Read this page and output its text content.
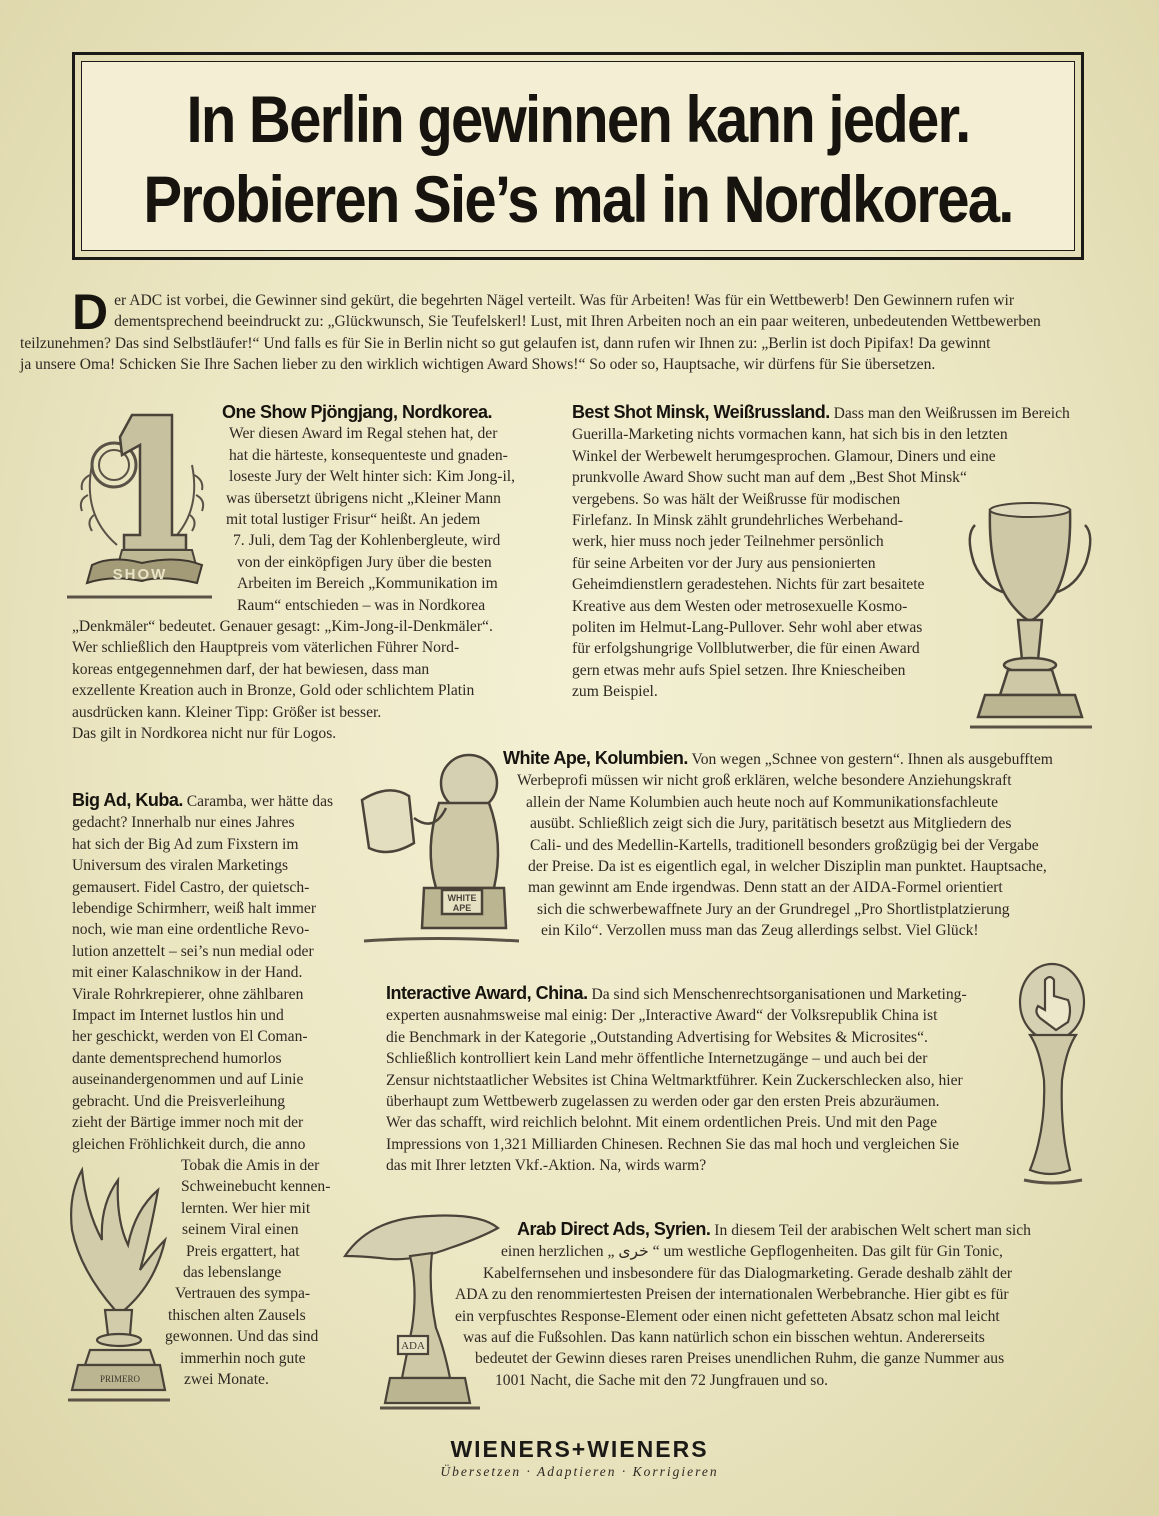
In Berlin gewinnen kann jeder.
Probieren Sie’s mal in Nordkorea.
D er ADC ist vorbei, die Gewinner sind gekürt, die begehrten Nägel verteilt. Was für Arbeiten! Was für ein Wettbewerb! Den Gewinnern rufen wir
dementsprechend beeindruckt zu: „Glückwunsch, Sie Teufelskerl! Lust, mit Ihren Arbeiten noch an ein paar weiteren, unbedeutenden Wettbewerben
teilzunehmen? Das sind Selbstläufer!“ Und falls es für Sie in Berlin nicht so gut gelaufen ist, dann rufen wir Ihnen zu: „Berlin ist doch Pipifax! Da gewinnt
ja unsere Oma! Schicken Sie Ihre Sachen lieber zu den wirklich wichtigen Award Shows!“ So oder so, Hauptsache, wir dürfens für Sie übersetzen.
SHOW
One Show Pjöngjang, Nordkorea.
Wer diesen Award im Regal stehen hat, der
hat die härteste, konsequenteste und gnaden-
loseste Jury der Welt hinter sich: Kim Jong-il,
was übersetzt übrigens nicht „Kleiner Mann
mit total lustiger Frisur“ heißt. An jedem
7. Juli, dem Tag der Kohlenbergleute, wird
von der einköpfigen Jury über die besten
Arbeiten im Bereich „Kommunikation im
Raum“ entschieden – was in Nordkorea
„Denkmäler“ bedeutet. Genauer gesagt: „Kim-Jong-il-Denkmäler“.
Wer schließlich den Hauptpreis vom väterlichen Führer Nord-
koreas entgegennehmen darf, der hat bewiesen, dass man
exzellente Kreation auch in Bronze, Gold oder schlichtem Platin
ausdrücken kann. Kleiner Tipp: Größer ist besser.
Das gilt in Nordkorea nicht nur für Logos.
Best Shot Minsk, Weißrussland. Dass man den Weißrussen im Bereich
Guerilla-Marketing nichts vormachen kann, hat sich bis in den letzten
Winkel der Werbewelt herumgesprochen. Glamour, Diners und eine
prunkvolle Award Show sucht man auf dem „Best Shot Minsk“
vergebens. So was hält der Weißrusse für modischen
Firlefanz. In Minsk zählt grundehrliches Werbehand-
werk, hier muss noch jeder Teilnehmer persönlich
für seine Arbeiten vor der Jury aus pensionierten
Geheimdienstlern geradestehen. Nichts für zart besaitete
Kreative aus dem Westen oder metrosexuelle Kosmo-
politen im Helmut-Lang-Pullover. Sehr wohl aber etwas
für erfolgshungrige Vollblutwerber, die für einen Award
gern etwas mehr aufs Spiel setzen. Ihre Kniescheiben
zum Beispiel.
WHITE
APE
White Ape, Kolumbien. Von wegen „Schnee von gestern“. Ihnen als ausgebufftem
Werbeprofi müssen wir nicht groß erklären, welche besondere Anziehungskraft
allein der Name Kolumbien auch heute noch auf Kommunikationsfachleute
ausübt. Schließlich zeigt sich die Jury, paritätisch besetzt aus Mitgliedern des
Cali- und des Medellin-Kartells, traditionell besonders großzügig bei der Vergabe
der Preise. Da ist es eigentlich egal, in welcher Disziplin man punktet. Hauptsache,
man gewinnt am Ende irgendwas. Denn statt an der AIDA-Formel orientiert
sich die schwerbewaffnete Jury an der Grundregel „Pro Shortlistplatzierung
ein Kilo“. Verzollen muss man das Zeug allerdings selbst. Viel Glück!
Big Ad, Kuba. Caramba, wer hätte das
gedacht? Innerhalb nur eines Jahres
hat sich der Big Ad zum Fixstern im
Universum des viralen Marketings
gemausert. Fidel Castro, der quietsch-
lebendige Schirmherr, weiß halt immer
noch, wie man eine ordentliche Revo-
lution anzettelt – sei’s nun medial oder
mit einer Kalaschnikow in der Hand.
Virale Rohrkrepierer, ohne zählbaren
Impact im Internet lustlos hin und
her geschickt, werden von El Coman-
dante dementsprechend humorlos
auseinandergenommen und auf Linie
gebracht. Und die Preisverleihung
zieht der Bärtige immer noch mit der
gleichen Fröhlichkeit durch, die anno
Tobak die Amis in der
Schweinebucht kennen-
lernten. Wer hier mit
seinem Viral einen
Preis ergattert, hat
das lebenslange
Vertrauen des sympa-
thischen alten Zausels
gewonnen. Und das sind
immerhin noch gute
zwei Monate.
PRIMERO
Interactive Award, China. Da sind sich Menschenrechtsorganisationen und Marketing-
experten ausnahmsweise mal einig: Der „Interactive Award“ der Volksrepublik China ist
die Benchmark in der Kategorie „Outstanding Advertising for Websites & Microsites“.
Schließlich kontrolliert kein Land mehr öffentliche Internetzugänge – und auch bei der
Zensur nichtstaatlicher Websites ist China Weltmarktführer. Kein Zuckerschlecken also, hier
überhaupt zum Wettbewerb zugelassen zu werden oder gar den ersten Preis abzuräumen.
Wer das schafft, wird reichlich belohnt. Mit einem ordentlichen Preis. Und mit den Page
Impressions von 1,321 Milliarden Chinesen. Rechnen Sie das mal hoch und vergleichen Sie
das mit Ihrer letzten Vkf.-Aktion. Na, wirds warm?
ADA
Arab Direct Ads, Syrien. In diesem Teil der arabischen Welt schert man sich
einen herzlichen „ خرى “ um westliche Gepflogenheiten. Das gilt für Gin Tonic,
Kabelfernsehen und insbesondere für das Dialogmarketing. Gerade deshalb zählt der
ADA zu den renommiertesten Preisen der internationalen Werbebranche. Hier gibt es für
ein verpfuschtes Response-Element oder einen nicht gefetteten Absatz schon mal leicht
was auf die Fußsohlen. Das kann natürlich schon ein bisschen wehtun. Andererseits
bedeutet der Gewinn dieses raren Preises unendlichen Ruhm, die ganze Nummer aus
1001 Nacht, die Sache mit den 72 Jungfrauen und so.

WIENERS+WIENERS

Übersetzen · Adaptieren · Korrigieren
